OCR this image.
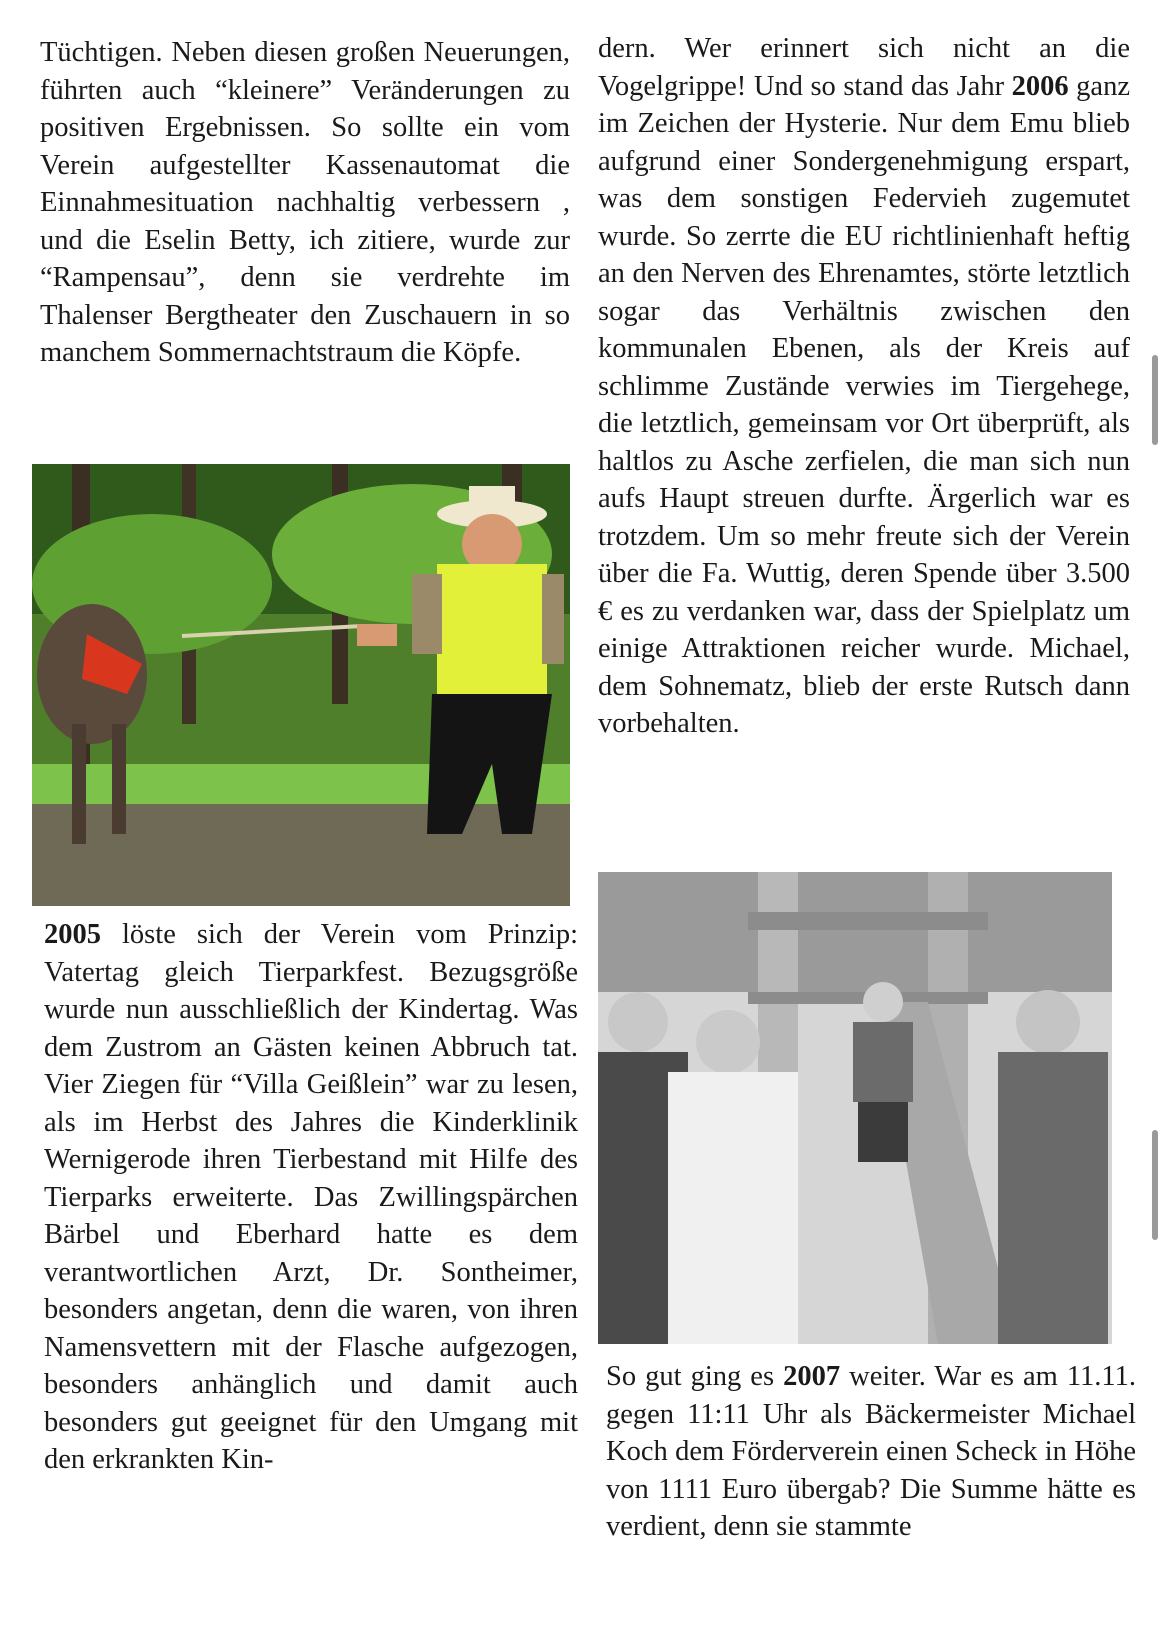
Tüchtigen. Neben diesen großen Neuerungen, führten auch “kleinere” Veränderungen zu positiven Ergebnissen. So sollte ein vom Verein aufgestellter Kassenautomat die Einnahmesituation nachhaltig verbessern , und die Eselin Betty, ich zitiere, wurde zur “Rampensau”, denn sie verdrehte im Thalenser Bergtheater den Zuschauern in so manchem Sommernachtstraum die Köpfe.

2005 löste sich der Verein vom Prinzip: Vatertag gleich Tierparkfest. Bezugsgröße wurde nun ausschließlich der Kindertag. Was dem Zustrom an Gästen keinen Abbruch tat. Vier Ziegen für “Villa Geißlein” war zu lesen, als im Herbst des Jahres die Kinderklinik Wernigerode ihren Tierbestand mit Hilfe des Tierparks erweiterte. Das Zwillingspärchen Bärbel und Eberhard hatte es dem verantwortlichen Arzt, Dr. Sontheimer, besonders angetan, denn die waren, von ihren Namensvettern mit der Flasche aufgezogen, besonders anhänglich und damit auch besonders gut geeignet für den Umgang mit den erkrankten Kin-

dern. Wer erinnert sich nicht an die Vogelgrippe! Und so stand das Jahr 2006 ganz im Zeichen der Hysterie. Nur dem Emu blieb aufgrund einer Sondergenehmigung erspart, was dem sonstigen Federvieh zugemutet wurde. So zerrte die EU richtlinienhaft heftig an den Nerven des Ehrenamtes, störte letztlich sogar das Verhältnis zwischen den kommunalen Ebenen, als der Kreis auf schlimme Zustände verwies im Tiergehege, die letztlich, gemeinsam vor Ort überprüft, als haltlos zu Asche zerfielen, die man sich nun aufs Haupt streuen durfte. Ärgerlich war es trotzdem. Um so mehr freute sich der Verein über die Fa. Wuttig, deren Spende über 3.500 € es zu verdanken war, dass der Spielplatz um einige Attraktionen reicher wurde. Michael, dem Sohnematz, blieb der erste Rutsch dann vorbehalten.

So gut ging es 2007 weiter. War es am 11.11. gegen 11:11 Uhr als Bäckermeister Michael Koch dem Förderverein einen Scheck in Höhe von 1111 Euro übergab? Die Summe hätte es verdient, denn sie stammte
